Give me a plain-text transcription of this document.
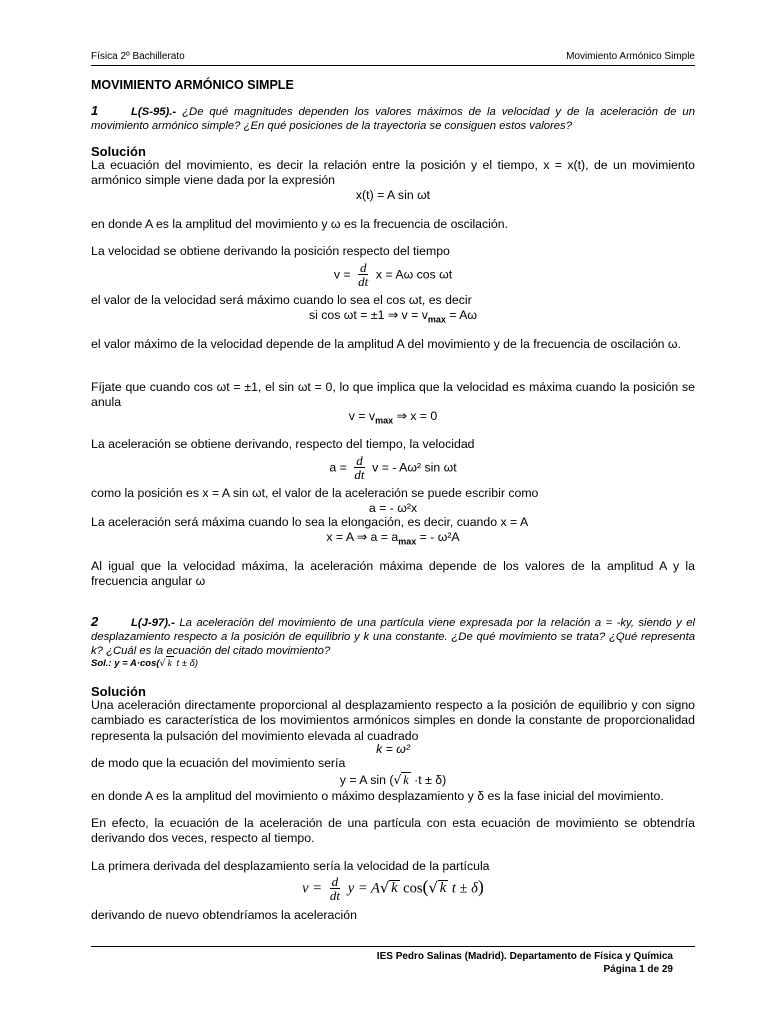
Física 2º Bachillerato	Movimiento Armónico Simple
MOVIMIENTO ARMÓNICO SIMPLE
1	L(S-95).- ¿De qué magnitudes dependen los valores máximos de la velocidad y de la aceleración de un movimiento armónico simple? ¿En qué posiciones de la trayectoria se consiguen estos valores?
Solución
La ecuación del movimiento, es decir la relación entre la posición y el tiempo, x = x(t), de un movimiento armónico simple viene dada por la expresión
x(t) = A sin ωt
en donde A es la amplitud del movimiento y ω es la frecuencia de oscilación.
La velocidad se obtiene derivando la posición respecto del tiempo
$v = \frac{d}{dt}$ x = Aω cos ωt
el valor de la velocidad será máximo cuando lo sea el cos ωt, es decir
si cos ωt = ±1 ⇒ $v = v_{max} = A\omega$
el valor máximo de la velocidad depende de la amplitud A del movimiento y de la frecuencia de oscilación ω.
Fíjate que cuando cos ωt = ±1, el sin ωt = 0, lo que implica que la velocidad es máxima cuando la posición se anula
$v = v_{max}$ ⇒ x = 0
La aceleración se obtiene derivando, respecto del tiempo, la velocidad
$a = \frac{d}{dt}$ v = - Aω² sin ωt
como la posición es x = A sin ωt, el valor de la aceleración se puede escribir como
a = - ω²x
La aceleración será máxima cuando lo sea la elongación, es decir, cuando x = A
x = A ⇒ $a = a_{max}$ = - ω²A
Al igual que la velocidad máxima, la aceleración máxima depende de los valores de la amplitud A y la frecuencia angular ω
2	L(J-97).- La aceleración del movimiento de una partícula viene expresada por la relación a = -ky, siendo y el desplazamiento respecto a la posición de equilibrio y k una constante. ¿De qué movimiento se trata? ¿Qué representa k? ¿Cuál es la ecuación del citado movimiento?
Sol.: y = A·cos(√ k t ± δ)
Solución
Una aceleración directamente proporcional al desplazamiento respecto a la posición de equilibrio y con signo cambiado es característica de los movimientos armónicos simples en donde la constante de proporcionalidad representa la pulsación del movimiento elevada al cuadrado
k = ω²
de modo que la ecuación del movimiento sería
y = A sin (√ k ·t ± δ)
en donde A es la amplitud del movimiento o máximo desplazamiento y δ es la fase inicial del movimiento.
En efecto, la ecuación de la aceleración de una partícula con esta ecuación de movimiento se obtendría derivando dos veces, respecto al tiempo.
La primera derivada del desplazamiento sería la velocidad de la partícula
$v = \frac{d}{dt}$ y = A√ k cos(√ k t ± δ)
derivando de nuevo obtendríamos la aceleración
IES Pedro Salinas (Madrid). Departamento de Física y Química
Página 1 de 29
